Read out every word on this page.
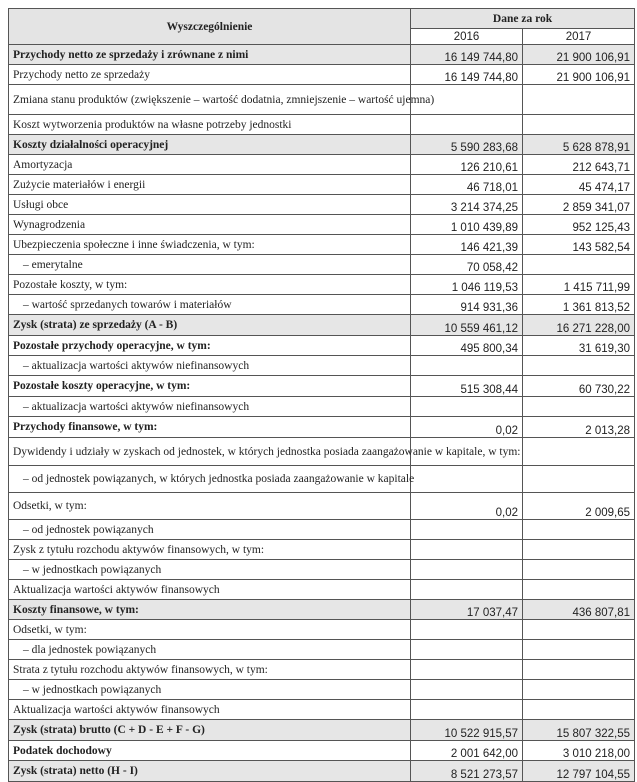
Wyszczególnienie	Dane za rok	
	2016	2017
Przychody netto ze sprzedaży i zrównane z nimi	16 149 744,80	21 900 106,91
Przychody netto ze sprzedaży	16 149 744,80	21 900 106,91
Zmiana stanu produktów (zwiększenie – wartość dodatnia, zmniejszenie – wartość ujemna)		
Koszt wytworzenia produktów na własne potrzeby jednostki		
Koszty działalności operacyjnej	5 590 283,68	5 628 878,91
Amortyzacja	126 210,61	212 643,71
Zużycie materiałów i energii	46 718,01	45 474,17
Usługi obce	3 214 374,25	2 859 341,07
Wynagrodzenia	1 010 439,89	952 125,43
Ubezpieczenia społeczne i inne świadczenia, w tym:	146 421,39	143 582,54
– emerytalne	70 058,42	
Pozostałe koszty, w tym:	1 046 119,53	1 415 711,99
– wartość sprzedanych towarów i materiałów	914 931,36	1 361 813,52
Zysk (strata) ze sprzedaży (A - B)	10 559 461,12	16 271 228,00
Pozostałe przychody operacyjne, w tym:	495 800,34	31 619,30
– aktualizacja wartości aktywów niefinansowych		
Pozostałe koszty operacyjne, w tym:	515 308,44	60 730,22
– aktualizacja wartości aktywów niefinansowych		
Przychody finansowe, w tym:	0,02	2 013,28
Dywidendy i udziały w zyskach od jednostek, w których jednostka posiada zaangażowanie w kapitale, w tym:		
– od jednostek powiązanych, w których jednostka posiada zaangażowanie w kapitale		
Odsetki, w tym:	0,02	2 009,65
– od jednostek powiązanych		
Zysk z tytułu rozchodu aktywów finansowych, w tym:		
– w jednostkach powiązanych		
Aktualizacja wartości aktywów finansowych		
Koszty finansowe, w tym:	17 037,47	436 807,81
Odsetki, w tym:		
– dla jednostek powiązanych		
Strata z tytułu rozchodu aktywów finansowych, w tym:		
– w jednostkach powiązanych		
Aktualizacja wartości aktywów finansowych		
Zysk (strata) brutto (C + D - E + F - G)	10 522 915,57	15 807 322,55
Podatek dochodowy	2 001 642,00	3 010 218,00
Zysk (strata) netto (H - I)	8 521 273,57	12 797 104,55
